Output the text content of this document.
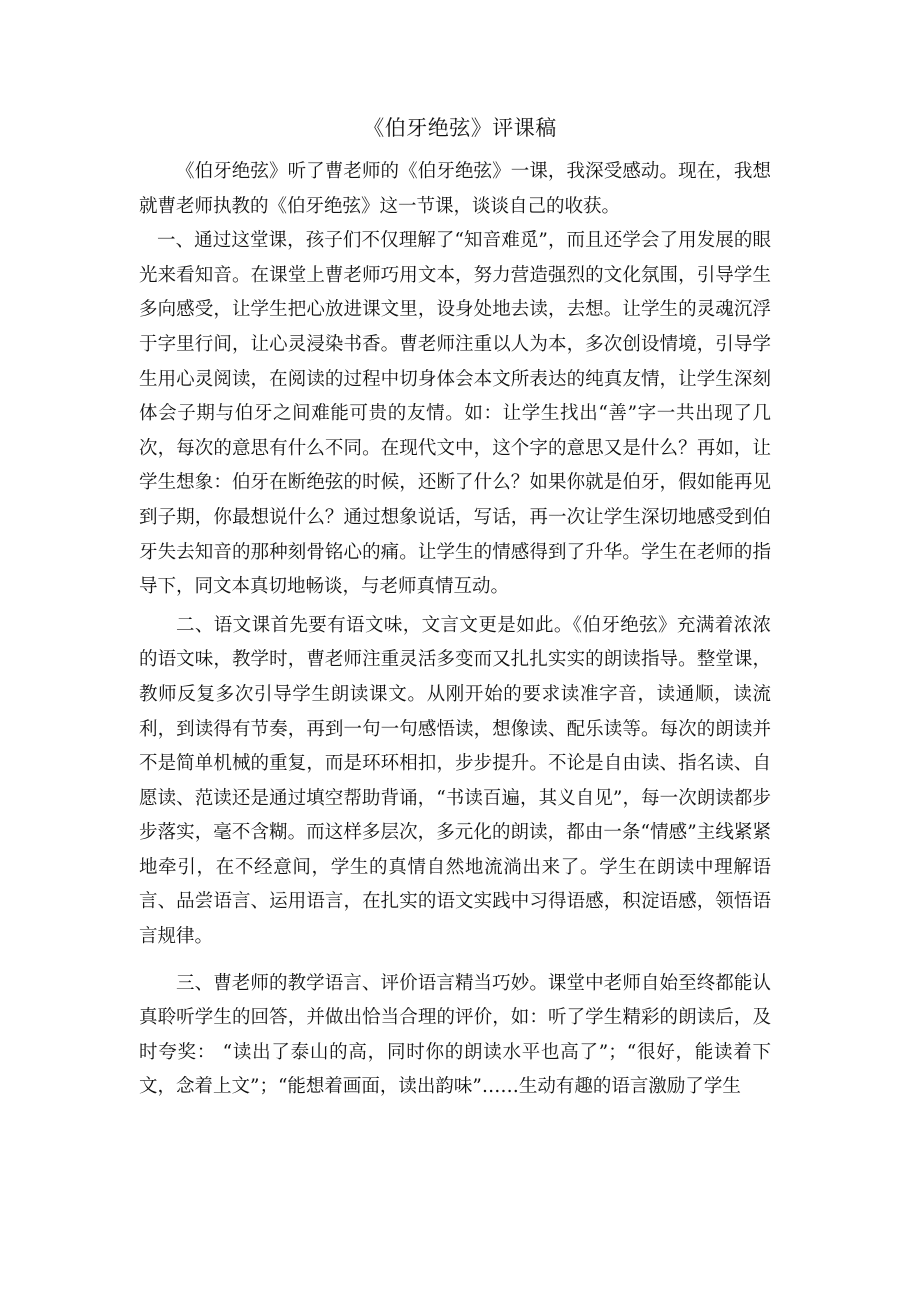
《伯牙绝弦》评课稿

《伯牙绝弦》听了曹老师的《伯牙绝弦》一课，我深受感动。现在，我想就曹老师执教的《伯牙绝弦》这一节课，谈谈自己的收获。

一、通过这堂课，孩子们不仅理解了“知音难觅”，而且还学会了用发展的眼光来看知音。在课堂上曹老师巧用文本，努力营造强烈的文化氛围，引导学生多向感受，让学生把心放进课文里，设身处地去读，去想。让学生的灵魂沉浮于字里行间，让心灵浸染书香。曹老师注重以人为本，多次创设情境，引导学生用心灵阅读，在阅读的过程中切身体会本文所表达的纯真友情，让学生深刻体会子期与伯牙之间难能可贵的友情。如：让学生找出“善”字一共出现了几次，每次的意思有什么不同。在现代文中，这个字的意思又是什么？再如，让学生想象：伯牙在断绝弦的时候，还断了什么？如果你就是伯牙，假如能再见到子期，你最想说什么？通过想象说话，写话，再一次让学生深切地感受到伯牙失去知音的那种刻骨铭心的痛。让学生的情感得到了升华。学生在老师的指导下，同文本真切地畅谈，与老师真情互动。

二、语文课首先要有语文味，文言文更是如此。《伯牙绝弦》充满着浓浓的语文味，教学时，曹老师注重灵活多变而又扎扎实实的朗读指导。整堂课，教师反复多次引导学生朗读课文。从刚开始的要求读准字音，读通顺，读流利，到读得有节奏，再到一句一句感悟读，想像读、配乐读等。每次的朗读并不是简单机械的重复，而是环环相扣，步步提升。不论是自由读、指名读、自愿读、范读还是通过填空帮助背诵，“书读百遍，其义自见”，每一次朗读都步步落实，毫不含糊。而这样多层次，多元化的朗读，都由一条“情感”主线紧紧地牵引，在不经意间，学生的真情自然地流淌出来了。学生在朗读中理解语言、品尝语言、运用语言，在扎实的语文实践中习得语感，积淀语感，领悟语言规律。

三、曹老师的教学语言、评价语言精当巧妙。课堂中老师自始至终都能认真聆听学生的回答，并做出恰当合理的评价，如：听了学生精彩的朗读后，及时夸奖： “读出了泰山的高，同时你的朗读水平也高了”；“很好，能读着下文，念着上文”；“能想着画面，读出韵味”……生动有趣的语言激励了学生
